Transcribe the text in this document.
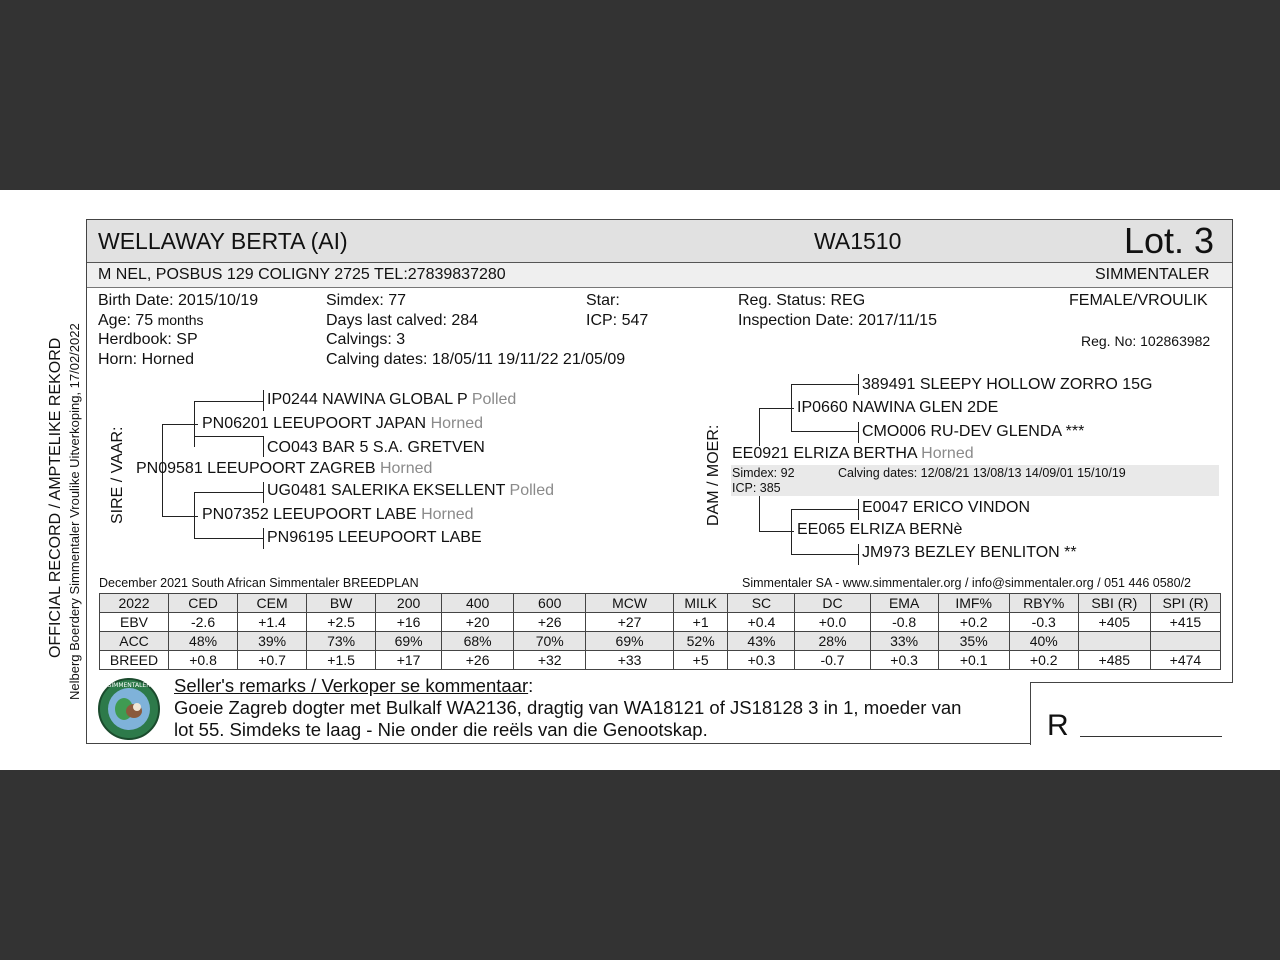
OFFICIAL RECORD / AMPTELIKE REKORD Nelberg Boerdery Simmentaler Vroulike Uitverkoping, 17/02/2022
WELLAWAY BERTA (AI)	WA1510	Lot. 3
M NEL, POSBUS 129 COLIGNY 2725 TEL:27839837280	SIMMENTALER
Birth Date: 2015/10/19
Age: 75 months
Herdbook: SP
Horn: Horned
Simdex: 77
Days last calved: 284
Calvings: 3
Calving dates: 18/05/11 19/11/22 21/05/09
Star:
ICP: 547
Reg. Status: REG
Inspection Date: 2017/11/15
FEMALE/VROULIK
Reg. No: 102863982
SIRE / VAAR:
IP0244 NAWINA GLOBAL P Polled
PN06201 LEEUPOORT JAPAN Horned
CO043 BAR 5 S.A. GRETVEN
PN09581 LEEUPOORT ZAGREB Horned
UG0481 SALERIKA EKSELLENT Polled
PN07352 LEEUPOORT LABE Horned
PN96195 LEEUPOORT LABE
DAM / MOER:
389491 SLEEPY HOLLOW ZORRO 15G
IP0660 NAWINA GLEN 2DE
CMO006 RU-DEV GLENDA ***
EE0921 ELRIZA BERTHA Horned
Simdex: 92
ICP: 385
Calving dates: 12/08/21 13/08/13 14/09/01 15/10/19
E0047 ERICO VINDON
EE065 ELRIZA BERNè
JM973 BEZLEY BENLITON **
December 2021 South African Simmentaler BREEDPLAN	Simmentaler SA - www.simmentaler.org / info@simmentaler.org / 051 446 0580/2
2022	CED	CEM	BW	200	400	600	MCW	MILK	SC	DC	EMA	IMF%	RBY%	SBI (R)	SPI (R)
EBV	-2.6	+1.4	+2.5	+16	+20	+26	+27	+1	+0.4	+0.0	-0.8	+0.2	-0.3	+405	+415
ACC	48%	39%	73%	69%	68%	70%	69%	52%	43%	28%	33%	35%	40%		
BREED	+0.8	+0.7	+1.5	+17	+26	+32	+33	+5	+0.3	-0.7	+0.3	+0.1	+0.2	+485	+474
SIMMENTALER Seller's remarks / Verkoper se kommentaar:
Goeie Zagreb dogter met Bulkalf WA2136, dragtig van WA18121 of JS18128 3 in 1, moeder van
lot 55. Simdeks te laag - Nie onder die reëls van die Genootskap.	R
